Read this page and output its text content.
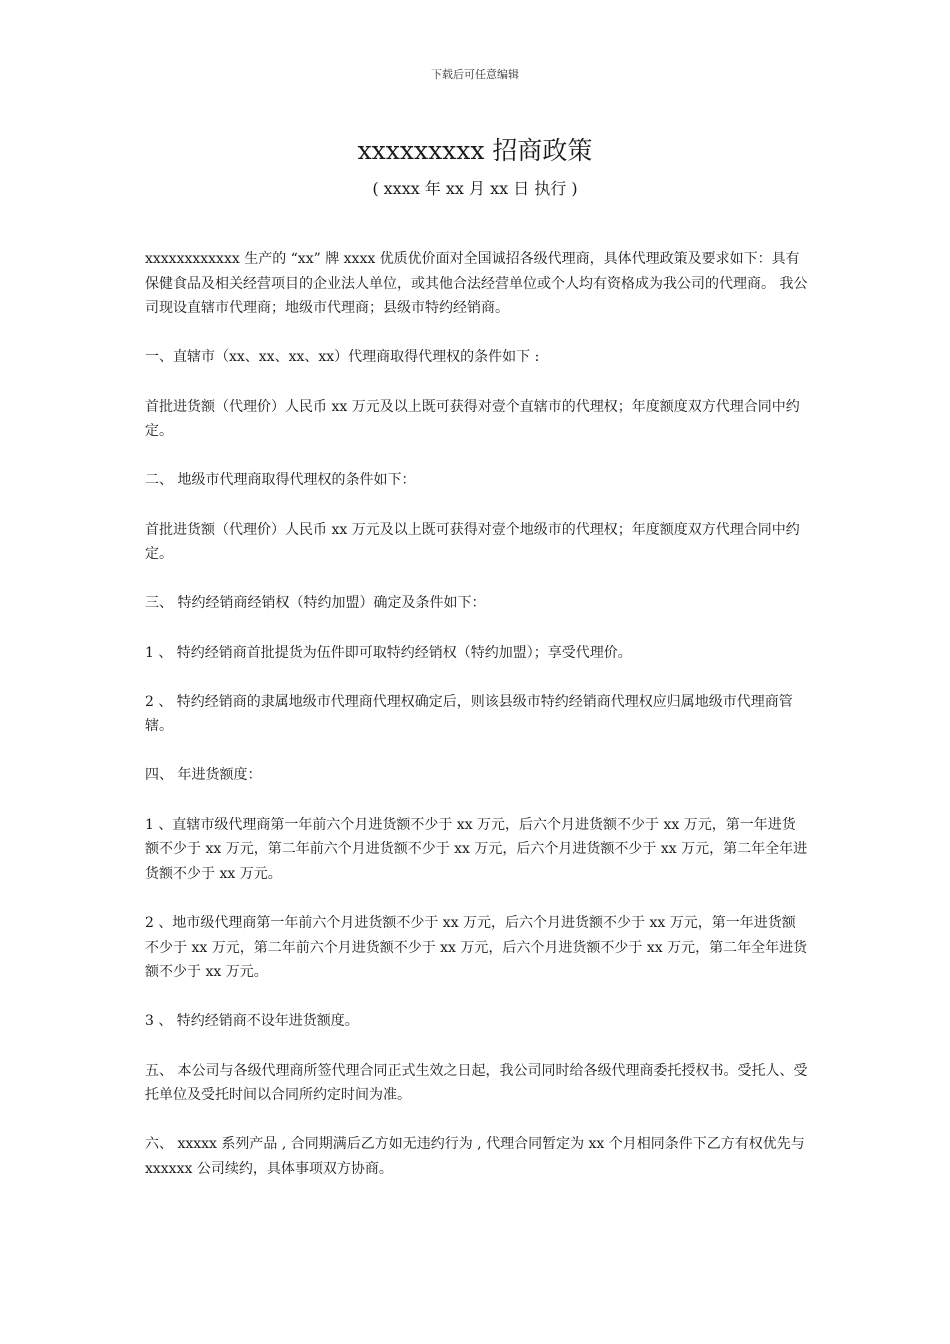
下载后可任意编辑
xxxxxxxxx 招商政策
( xxxx 年 xx 月 xx 日 执行 )

xxxxxxxxxxxx 生产的 “xx” 牌 xxxx 优质优价面对全国诚招各级代理商，具体代理政策及要求如下：具有保健食品及相关经营项目的企业法人单位，或其他合法经营单位或个人均有资格成为我公司的代理商。 我公司现设直辖市代理商；地级市代理商；县级市特约经销商。

一、直辖市（xx、xx、xx、xx）代理商取得代理权的条件如下 :

首批进货额（代理价）人民币 xx 万元及以上既可获得对壹个直辖市的代理权；年度额度双方代理合同中约定。

二、 地级市代理商取得代理权的条件如下：

首批进货额（代理价）人民币 xx 万元及以上既可获得对壹个地级市的代理权；年度额度双方代理合同中约定。

三、 特约经销商经销权（特约加盟）确定及条件如下：

1 、 特约经销商首批提货为伍件即可取特约经销权（特约加盟）；享受代理价。

2 、 特约经销商的隶属地级市代理商代理权确定后，则该县级市特约经销商代理权应归属地级市代理商管辖。

四、 年进货额度：

1 、直辖市级代理商第一年前六个月进货额不少于 xx 万元，后六个月进货额不少于 xx 万元，第一年进货额不少于 xx 万元，第二年前六个月进货额不少于 xx 万元，后六个月进货额不少于 xx 万元，第二年全年进货额不少于 xx 万元。

2 、地市级代理商第一年前六个月进货额不少于 xx 万元，后六个月进货额不少于 xx 万元，第一年进货额不少于 xx 万元，第二年前六个月进货额不少于 xx 万元，后六个月进货额不少于 xx 万元，第二年全年进货额不少于 xx 万元。

3 、 特约经销商不设年进货额度。

五、 本公司与各级代理商所签代理合同正式生效之日起，我公司同时给各级代理商委托授权书。受托人、受托单位及受托时间以合同所约定时间为准。

六、 xxxxx 系列产品 , 合同期满后乙方如无违约行为 , 代理合同暂定为 xx 个月相同条件下乙方有权优先与 xxxxxx 公司续约，具体事项双方协商。
